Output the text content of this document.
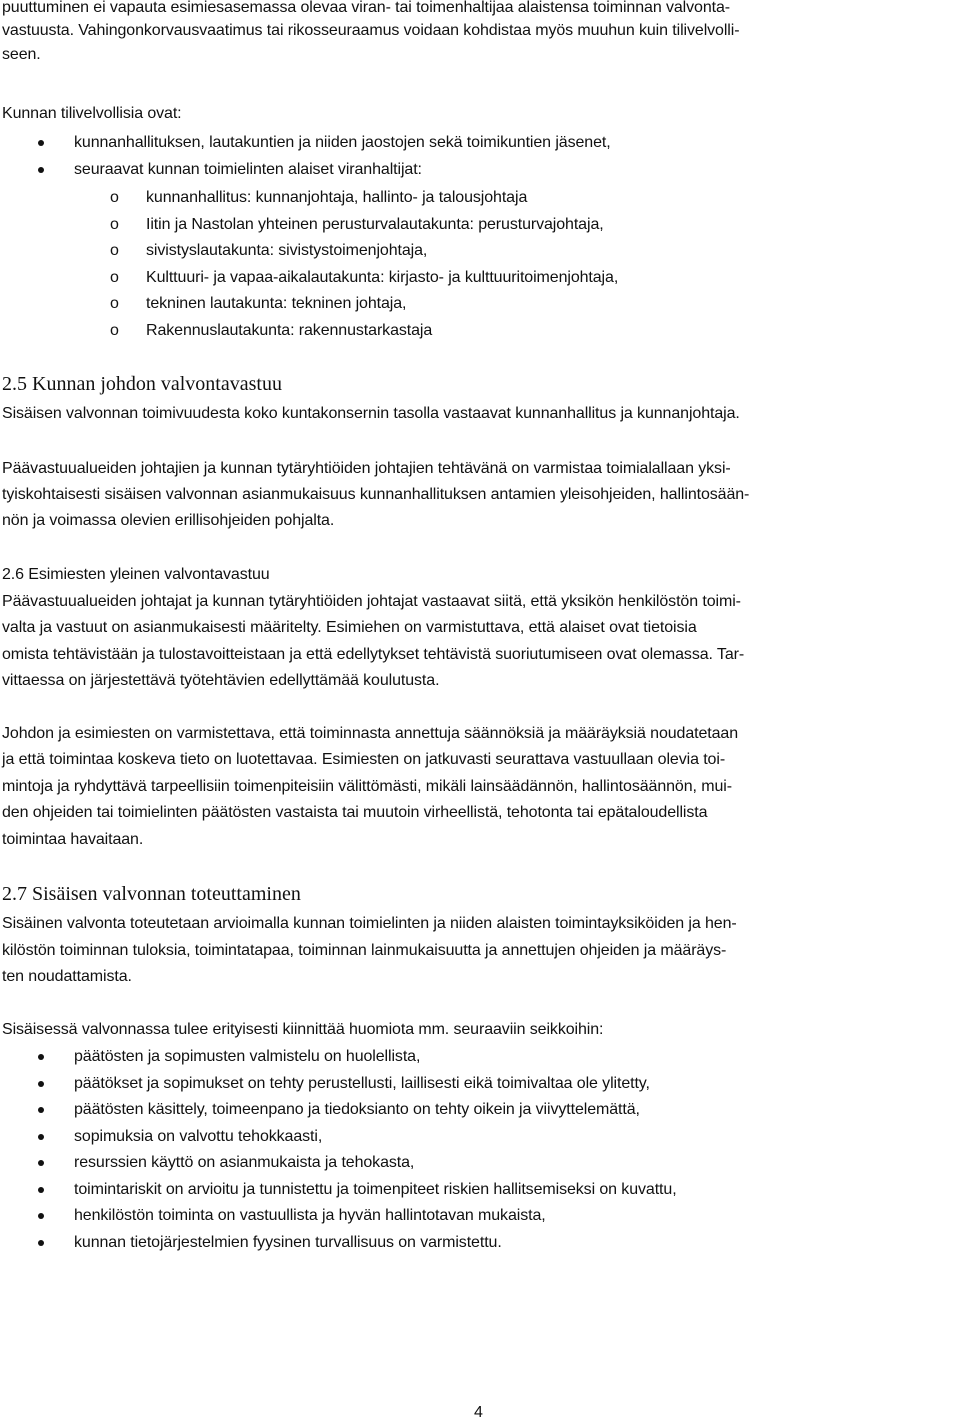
puuttuminen ei vapauta esimiesasemassa olevaa viran- tai toimenhaltijaa alaistensa toiminnan valvonta-
vastuusta. Vahingonkorvausvaatimus tai rikosseuraamus voidaan kohdistaa myös muuhun kuin tilivelvolli-
seen.
Kunnan tilivelvollisia ovat:
kunnanhallituksen, lautakuntien ja niiden jaostojen sekä toimikuntien jäsenet,
seuraavat kunnan toimielinten alaiset viranhaltijat:
o kunnanhallitus: kunnanjohtaja, hallinto- ja talousjohtaja
o Iitin ja Nastolan yhteinen perusturvalautakunta: perusturvajohtaja,
o sivistyslautakunta: sivistystoimenjohtaja,
o Kulttuuri- ja vapaa-aikalautakunta: kirjasto- ja kulttuuritoimenjohtaja,
o tekninen lautakunta: tekninen johtaja,
o Rakennuslautakunta: rakennustarkastaja
2.5 Kunnan johdon valvontavastuu
Sisäisen valvonnan toimivuudesta koko kuntakonsernin tasolla vastaavat kunnanhallitus ja kunnanjohtaja.
Päävastuualueiden johtajien ja kunnan tytäryhtiöiden johtajien tehtävänä on varmistaa toimialallaan yksi-
tyiskohtaisesti sisäisen valvonnan asianmukaisuus kunnanhallituksen antamien yleisohjeiden, hallintosään-
nön ja voimassa olevien erillisohjeiden pohjalta.
2.6 Esimiesten yleinen valvontavastuu
Päävastuualueiden johtajat ja kunnan tytäryhtiöiden johtajat vastaavat siitä, että yksikön henkilöstön toimi-
valta ja vastuut on asianmukaisesti määritelty. Esimiehen on varmistuttava, että alaiset ovat tietoisia
omista tehtävistään ja tulostavoitteistaan ja että edellytykset tehtävistä suoriutumiseen ovat olemassa. Tar-
vittaessa on järjestettävä työtehtävien edellyttämää koulutusta.
Johdon ja esimiesten on varmistettava, että toiminnasta annettuja säännöksiä ja määräyksiä noudatetaan
ja että toimintaa koskeva tieto on luotettavaa. Esimiesten on jatkuvasti seurattava vastuullaan olevia toi-
mintoja ja ryhdyttävä tarpeellisiin toimenpiteisiin välittömästi, mikäli lainsäädännön, hallintosäännön, mui-
den ohjeiden tai toimielinten päätösten vastaista tai muutoin virheellistä, tehotonta tai epätaloudellista
toimintaa havaitaan.
2.7 Sisäisen valvonnan toteuttaminen
Sisäinen valvonta toteutetaan arvioimalla kunnan toimielinten ja niiden alaisten toimintayksiköiden ja hen-
kilöstön toiminnan tuloksia, toimintatapaa, toiminnan lainmukaisuutta ja annettujen ohjeiden ja määräys-
ten noudattamista.
Sisäisessä valvonnassa tulee erityisesti kiinnittää huomiota mm. seuraaviin seikkoihin:
päätösten ja sopimusten valmistelu on huolellista,
päätökset ja sopimukset on tehty perustellusti, laillisesti eikä toimivaltaa ole ylitetty,
päätösten käsittely, toimeenpano ja tiedoksianto on tehty oikein ja viivyttelemättä,
sopimuksia on valvottu tehokkaasti,
resurssien käyttö on asianmukaista ja tehokasta,
toimintariskit on arvioitu ja tunnistettu ja toimenpiteet riskien hallitsemiseksi on kuvattu,
henkilöstön toiminta on vastuullista ja hyvän hallintotavan mukaista,
kunnan tietojärjestelmien fyysinen turvallisuus on varmistettu.
4
